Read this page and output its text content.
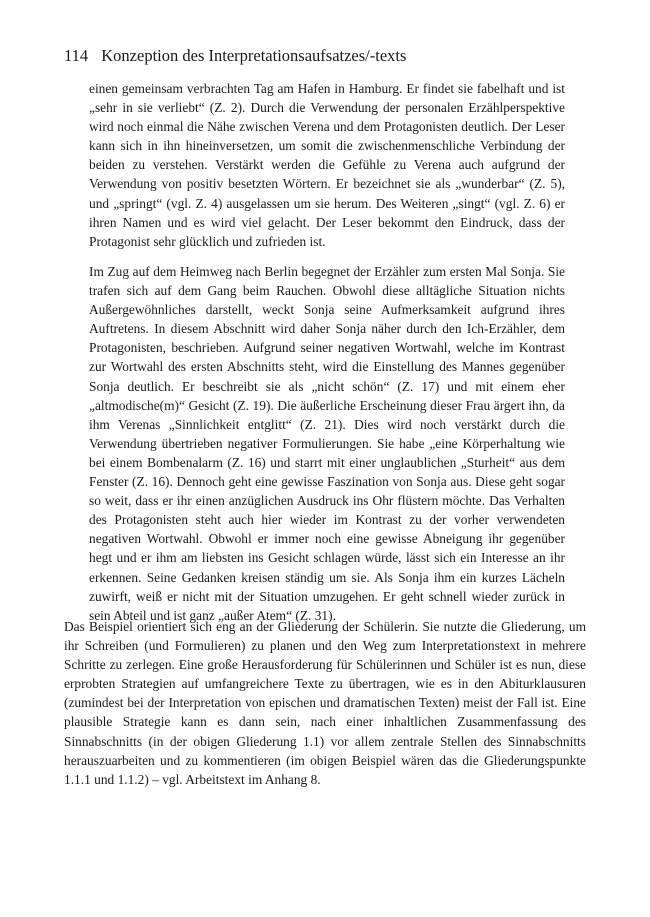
114 Konzeption des Interpretationsaufsatzes/-texts

einen gemeinsam verbrachten Tag am Hafen in Hamburg. Er findet sie fabelhaft und ist „sehr in sie verliebt“ (Z. 2). Durch die Verwendung der personalen Erzählperspektive wird noch einmal die Nähe zwischen Verena und dem Protagonisten deutlich. Der Leser kann sich in ihn hineinversetzen, um somit die zwischenmenschliche Verbindung der beiden zu verstehen. Verstärkt werden die Gefühle zu Verena auch aufgrund der Verwendung von positiv besetzten Wörtern. Er bezeichnet sie als „wunderbar“ (Z. 5), und „springt“ (vgl. Z. 4) ausgelassen um sie herum. Des Weiteren „singt“ (vgl. Z. 6) er ihren Namen und es wird viel gelacht. Der Leser bekommt den Eindruck, dass der Protagonist sehr glücklich und zufrieden ist.

Im Zug auf dem Heimweg nach Berlin begegnet der Erzähler zum ersten Mal Sonja. Sie trafen sich auf dem Gang beim Rauchen. Obwohl diese alltägliche Situation nichts Außergewöhnliches darstellt, weckt Sonja seine Aufmerksamkeit aufgrund ihres Auftretens. In diesem Abschnitt wird daher Sonja näher durch den Ich-Erzähler, dem Protagonisten, beschrieben. Aufgrund seiner negativen Wortwahl, welche im Kontrast zur Wortwahl des ersten Abschnitts steht, wird die Einstellung des Mannes gegenüber Sonja deutlich. Er beschreibt sie als „nicht schön“ (Z. 17) und mit einem eher „altmodische(m)“ Gesicht (Z. 19). Die äußerliche Erscheinung dieser Frau ärgert ihn, da ihm Verenas „Sinnlichkeit entglitt“ (Z. 21). Dies wird noch verstärkt durch die Verwendung übertrieben negativer Formulierungen. Sie habe „eine Körperhaltung wie bei einem Bombenalarm (Z. 16) und starrt mit einer unglaublichen „Sturheit“ aus dem Fenster (Z. 16). Dennoch geht eine gewisse Faszination von Sonja aus. Diese geht sogar so weit, dass er ihr einen anzüglichen Ausdruck ins Ohr flüstern möchte. Das Verhalten des Protagonisten steht auch hier wieder im Kontrast zu der vorher verwendeten negativen Wortwahl. Obwohl er immer noch eine gewisse Abneigung ihr gegenüber hegt und er ihm am liebsten ins Gesicht schlagen würde, lässt sich ein Interesse an ihr erkennen. Seine Gedanken kreisen ständig um sie. Als Sonja ihm ein kurzes Lächeln zuwirft, weiß er nicht mit der Situation umzugehen. Er geht schnell wieder zurück in sein Abteil und ist ganz „außer Atem“ (Z. 31).

Das Beispiel orientiert sich eng an der Gliederung der Schülerin. Sie nutzte die Gliederung, um ihr Schreiben (und Formulieren) zu planen und den Weg zum Interpretationstext in mehrere Schritte zu zerlegen. Eine große Herausforderung für Schülerinnen und Schüler ist es nun, diese erprobten Strategien auf umfangreichere Texte zu übertragen, wie es in den Abiturklausuren (zumindest bei der Interpretation von epischen und dramatischen Texten) meist der Fall ist. Eine plausible Strategie kann es dann sein, nach einer inhaltlichen Zusammenfassung des Sinnabschnitts (in der obigen Gliederung 1.1) vor allem zentrale Stellen des Sinnabschnitts herauszuarbeiten und zu kommentieren (im obigen Beispiel wären das die Gliederungspunkte 1.1.1 und 1.1.2) – vgl. Arbeitstext im Anhang 8.
